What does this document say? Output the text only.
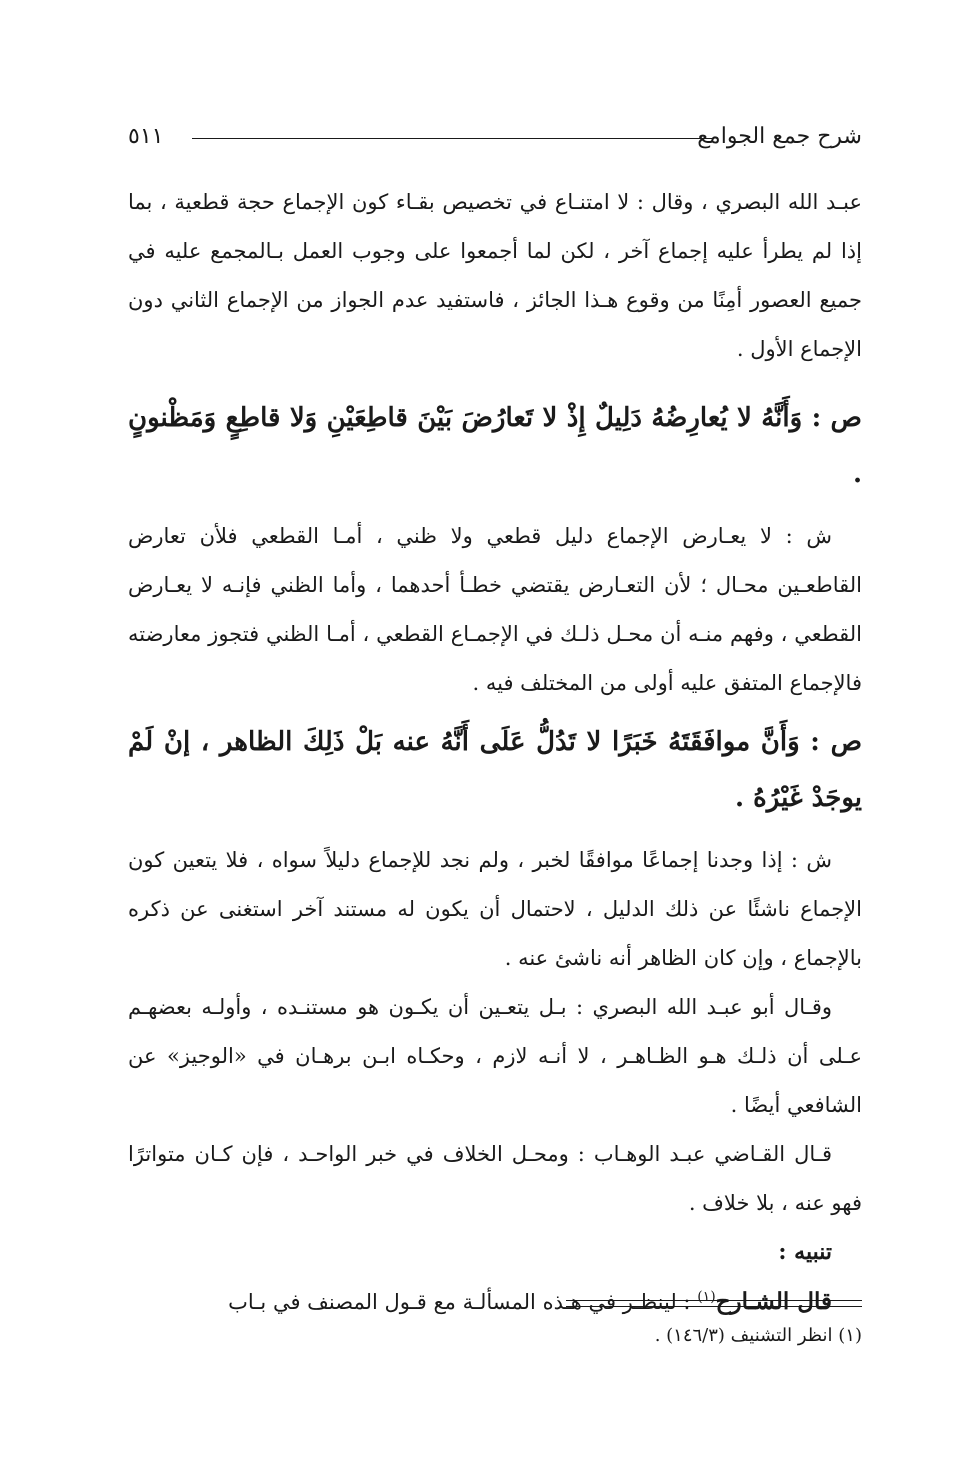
شرح جمع الجوامع
٥١١

عبـد الله البصري ، وقال : لا امتنـاع في تخصيص بقـاء كون الإجماع حجة قطعية ، بما إذا لم يطرأ عليه إجماع آخر ، لكن لما أجمعوا على وجوب العمل بـالمجمع عليه في جميع العصور أمِنًا من وقوع هـذا الجائز ، فاستفيد عدم الجواز من الإجماع الثاني دون الإجماع الأول .

ص : وَأَنَّهُ لا يُعارِضُهُ دَلِيلٌ إِذْ لا تَعارُضَ بَيْنَ قاطِعَيْنِ وَلا قاطِعٍ وَمَظْنونٍ .

ش : لا يعـارض الإجماع دليل قطعي ولا ظني ، أمـا القطعي فلأن تعارض القاطعـين محـال ؛ لأن التعـارض يقتضي خطـأ أحدهما ، وأما الظني فإنـه لا يعـارض القطعي ، وفهم منـه أن محـل ذلـك في الإجمـاع القطعي ، أمـا الظني فتجوز معارضته فالإجماع المتفق عليه أولى من المختلف فيه .

ص : وَأَنَّ موافَقَتَهُ خَبَرًا لا تَدُلُّ عَلَى أَنَّهُ عنه بَلْ ذَلِكَ الظاهر ، إنْ لَمْ يوجَدْ غَيْرُهُ .

ش : إذا وجدنا إجماعًا موافقًا لخبر ، ولم نجد للإجماع دليلاً سواه ، فلا يتعين كون الإجماع ناشئًا عن ذلك الدليل ، لاحتمال أن يكون له مستند آخر استغنى عن ذكره بالإجماع ، وإن كان الظاهر أنه ناشئ عنه .

وقـال أبو عبـد الله البصري : بـل يتعـين أن يكـون هو مستنـده ، وأولـه بعضهـم عـلى أن ذلـك هـو الظـاهـر ، لا أنـه لازم ، وحكـاه ابـن برهـان في «الوجيز» عن الشافعي أيضًا .

قـال القـاضي عبـد الوهـاب : ومحـل الخلاف في خبر الواحـد ، فإن كـان متواترًا فهو عنه ، بلا خلاف .

تنبيه :

قال الشـارح$^{(١)}$ : لينظـر في هـذه المسألـة مع قـول المصنف في بـاب

(١) انظر التشنيف (١٤٦/٣) .
